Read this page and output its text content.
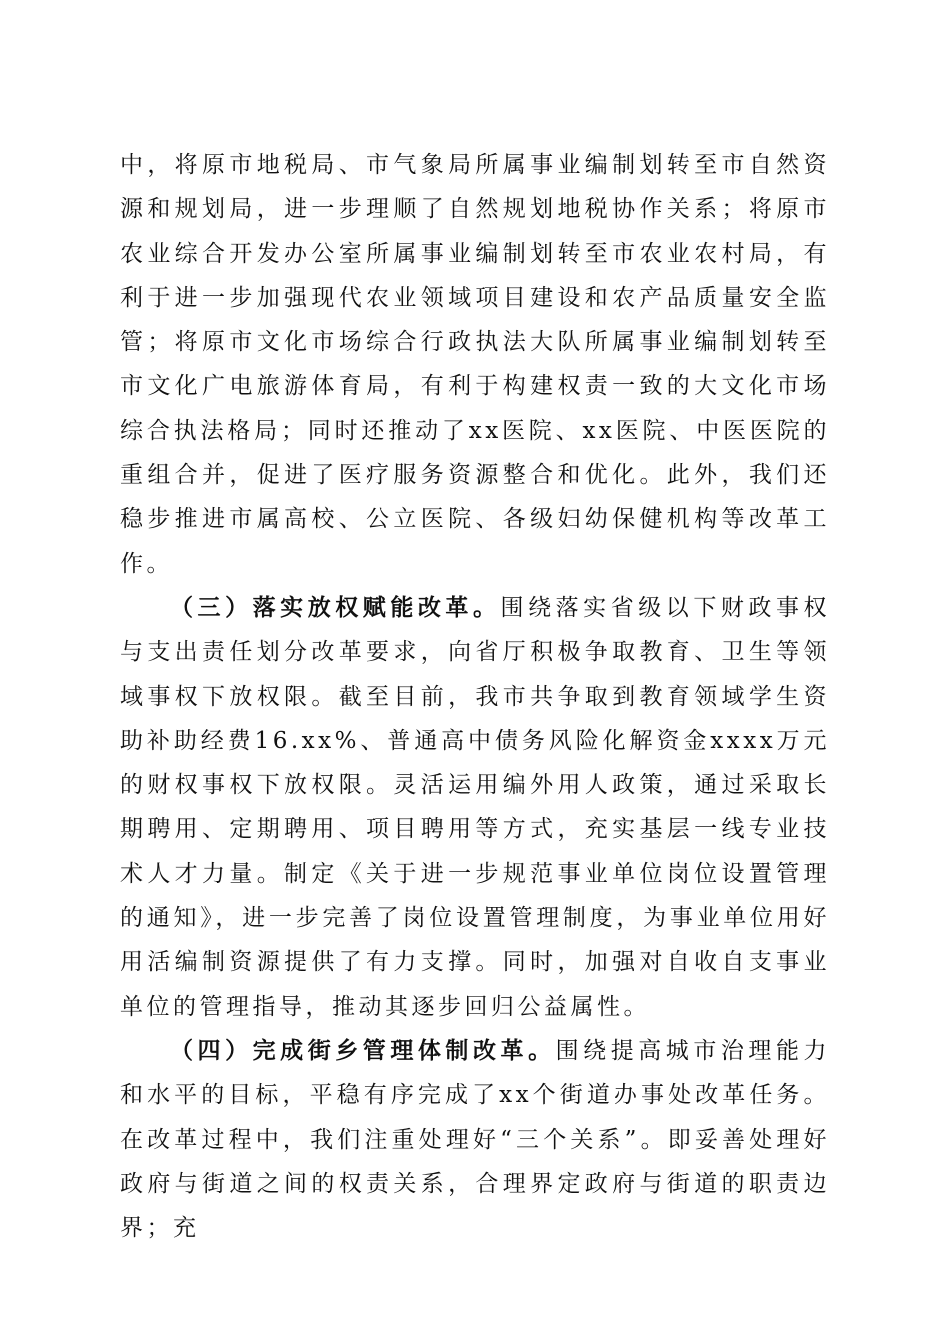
中，将原市地税局、市气象局所属事业编制划转至市自然资源和规划局，进一步理顺了自然规划地税协作关系；将原市农业综合开发办公室所属事业编制划转至市农业农村局，有利于进一步加强现代农业领域项目建设和农产品质量安全监管；将原市文化市场综合行政执法大队所属事业编制划转至市文化广电旅游体育局，有利于构建权责一致的大文化市场综合执法格局；同时还推动了xx医院、xx医院、中医医院的重组合并，促进了医疗服务资源整合和优化。此外，我们还稳步推进市属高校、公立医院、各级妇幼保健机构等改革工作。

（三）落实放权赋能改革。围绕落实省级以下财政事权与支出责任划分改革要求，向省厅积极争取教育、卫生等领域事权下放权限。截至目前，我市共争取到教育领域学生资助补助经费16.xx%、普通高中债务风险化解资金xxxx万元的财权事权下放权限。灵活运用编外用人政策，通过采取长期聘用、定期聘用、项目聘用等方式，充实基层一线专业技术人才力量。制定《关于进一步规范事业单位岗位设置管理的通知》，进一步完善了岗位设置管理制度，为事业单位用好用活编制资源提供了有力支撑。同时，加强对自收自支事业单位的管理指导，推动其逐步回归公益属性。

（四）完成街乡管理体制改革。围绕提高城市治理能力和水平的目标，平稳有序完成了xx个街道办事处改革任务。在改革过程中，我们注重处理好“三个关系”。即妥善处理好政府与街道之间的权责关系，合理界定政府与街道的职责边界；充
